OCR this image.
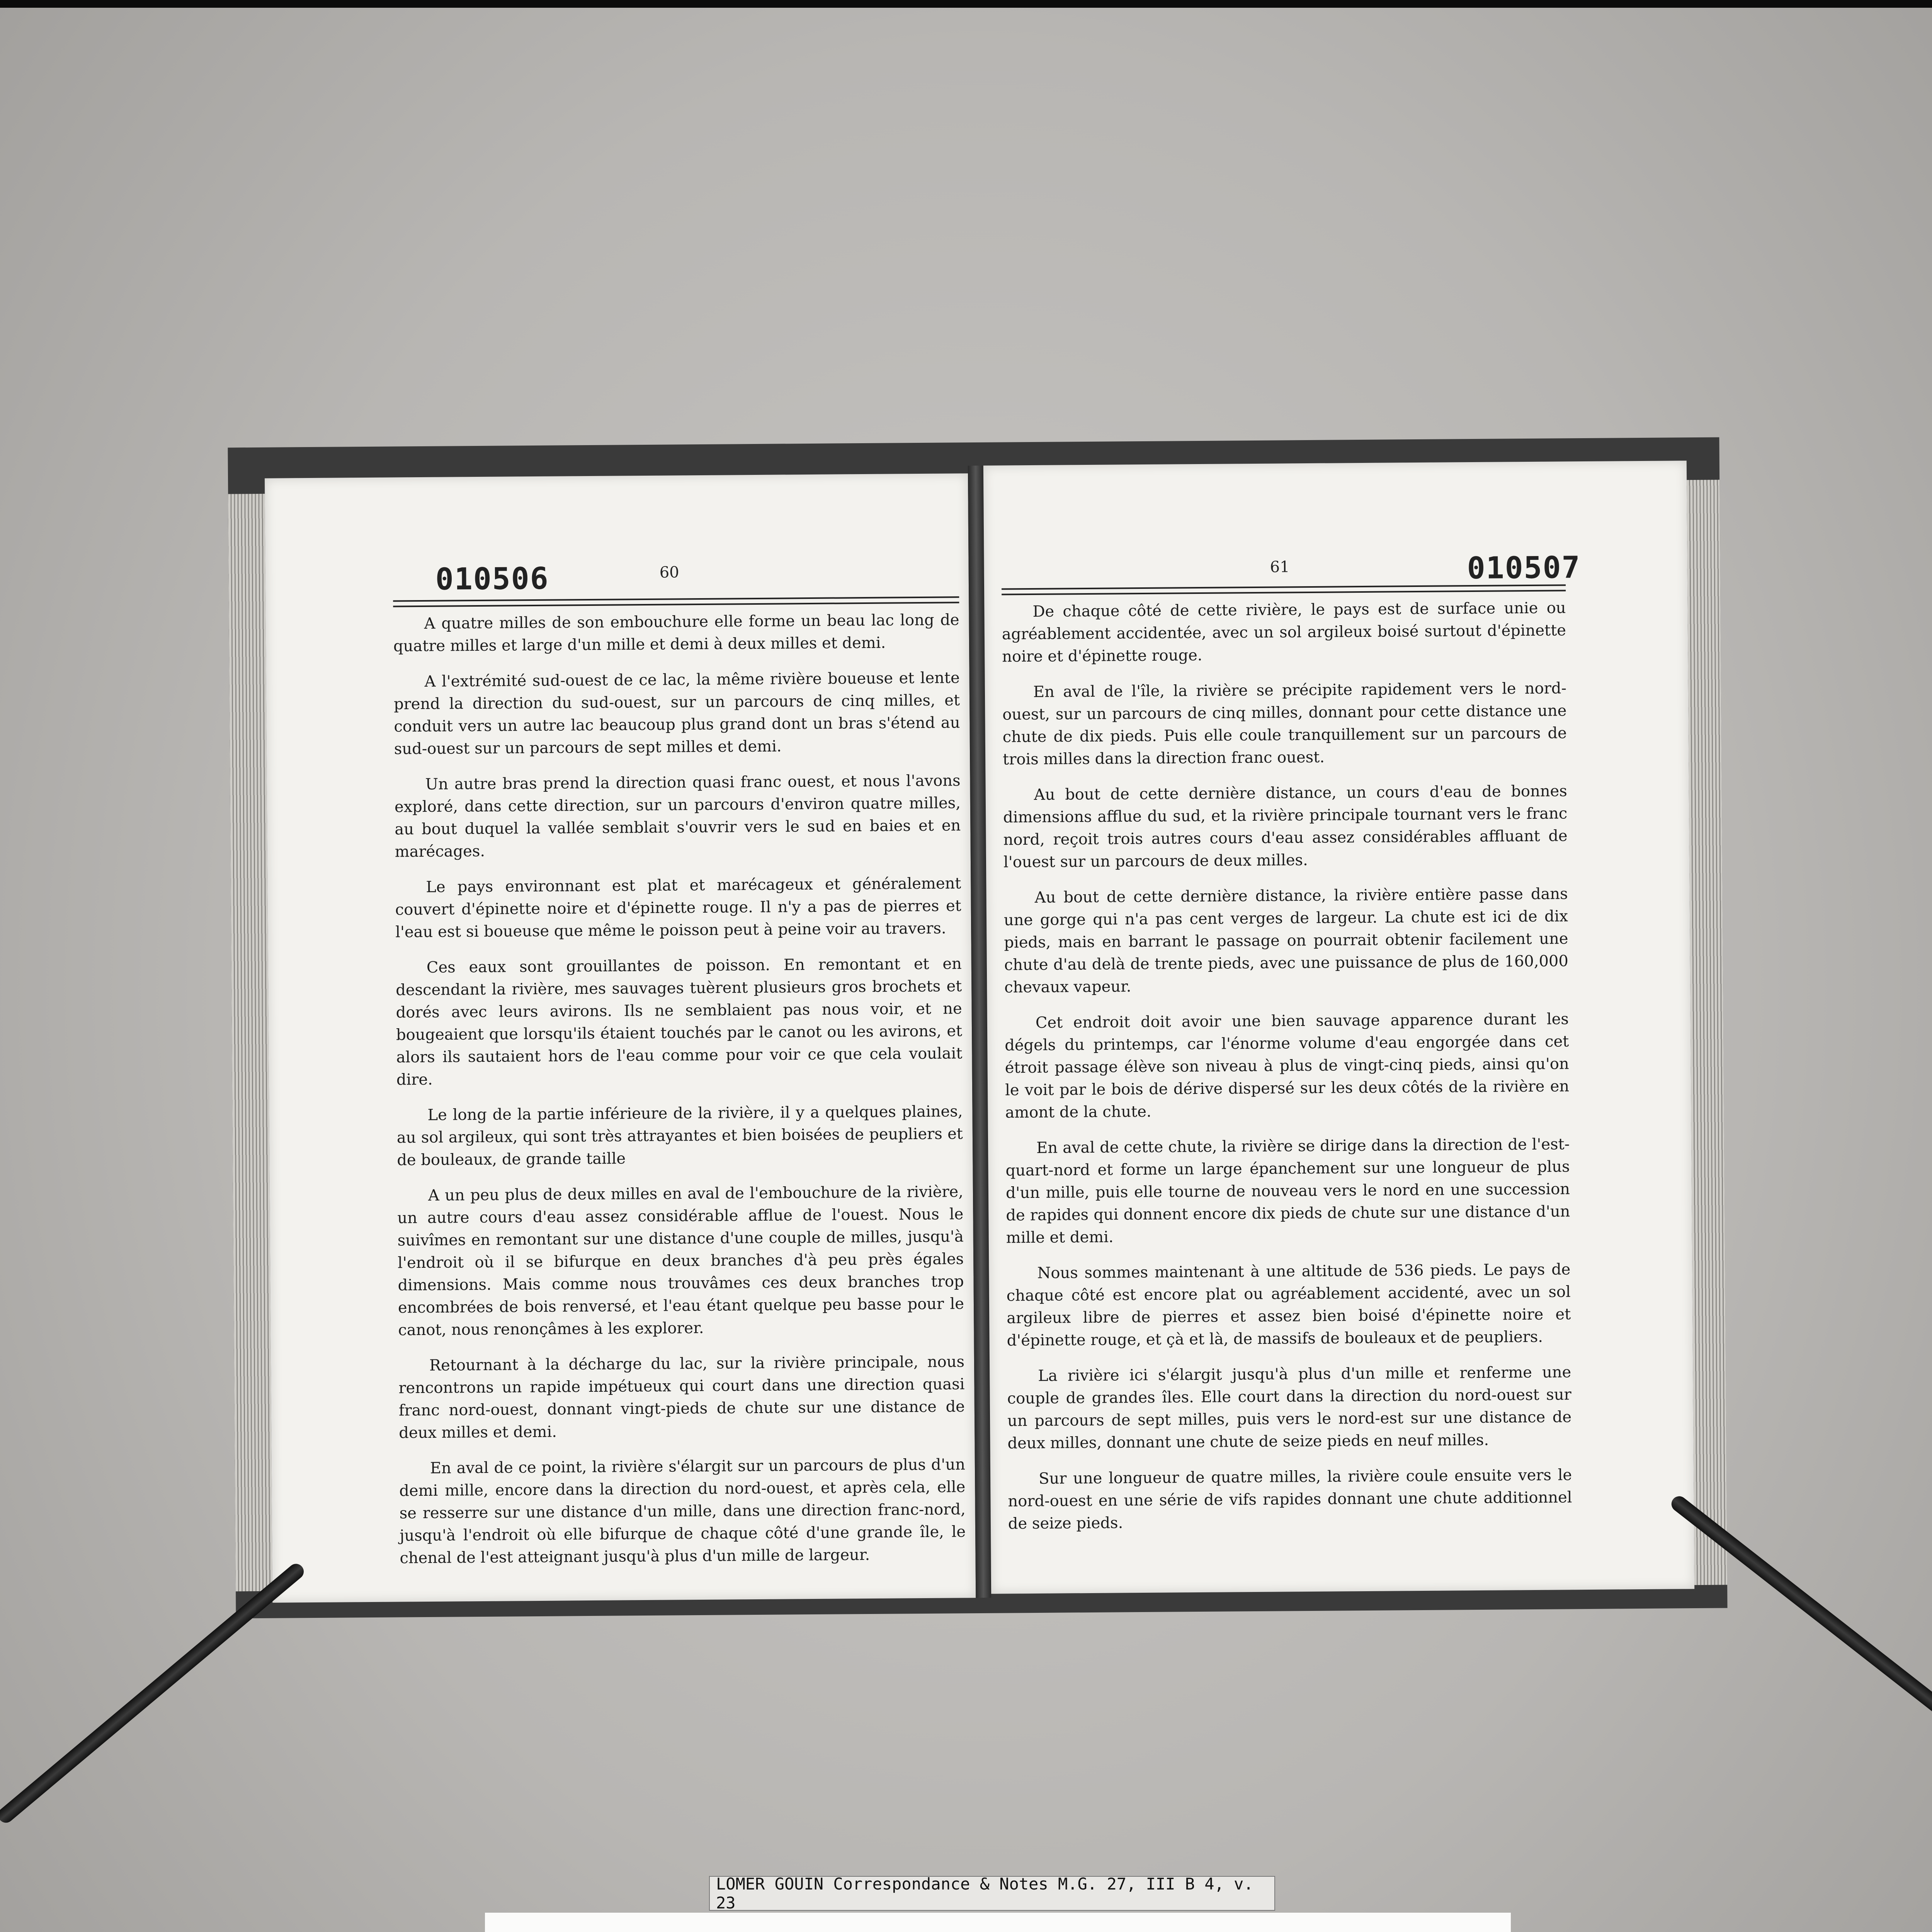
010506	60

A quatre milles de son embouchure elle forme un beau lac long de quatre milles et large d'un mille et demi à deux milles et demi.

A l'extrémité sud-ouest de ce lac, la même rivière boueuse et lente prend la direction du sud-ouest, sur un parcours de cinq milles, et conduit vers un autre lac beaucoup plus grand dont un bras s'étend au sud-ouest sur un parcours de sept milles et demi.

Un autre bras prend la direction quasi franc ouest, et nous l'avons exploré, dans cette direction, sur un parcours d'environ quatre milles, au bout duquel la vallée semblait s'ouvrir vers le sud en baies et en marécages.

Le pays environnant est plat et marécageux et généralement couvert d'épinette noire et d'épinette rouge. Il n'y a pas de pierres et l'eau est si boueuse que même le poisson peut à peine voir au travers.

Ces eaux sont grouillantes de poisson. En remontant et en descendant la rivière, mes sauvages tuèrent plusieurs gros brochets et dorés avec leurs avirons. Ils ne semblaient pas nous voir, et ne bougeaient que lorsqu'ils étaient touchés par le canot ou les avirons, et alors ils sautaient hors de l'eau comme pour voir ce que cela voulait dire.

Le long de la partie inférieure de la rivière, il y a quelques plaines, au sol argileux, qui sont très attrayantes et bien boisées de peupliers et de bouleaux, de grande taille

A un peu plus de deux milles en aval de l'embouchure de la rivière, un autre cours d'eau assez considérable afflue de l'ouest. Nous le suivîmes en remontant sur une distance d'une couple de milles, jusqu'à l'endroit où il se bifurque en deux branches d'à peu près égales dimensions. Mais comme nous trouvâmes ces deux branches trop encombrées de bois renversé, et l'eau étant quelque peu basse pour le canot, nous renonçâmes à les explorer.

Retournant à la décharge du lac, sur la rivière principale, nous rencontrons un rapide impétueux qui court dans une direction quasi franc nord-ouest, donnant vingt-pieds de chute sur une distance de deux milles et demi.

En aval de ce point, la rivière s'élargit sur un parcours de plus d'un demi mille, encore dans la direction du nord-ouest, et après cela, elle se resserre sur une distance d'un mille, dans une direction franc-nord, jusqu'à l'endroit où elle bifurque de chaque côté d'une grande île, le chenal de l'est atteignant jusqu'à plus d'un mille de largeur.

61	010507

De chaque côté de cette rivière, le pays est de surface unie ou agréablement accidentée, avec un sol argileux boisé surtout d'épinette noire et d'épinette rouge.

En aval de l'île, la rivière se précipite rapidement vers le nord-ouest, sur un parcours de cinq milles, donnant pour cette distance une chute de dix pieds. Puis elle coule tranquillement sur un parcours de trois milles dans la direction franc ouest.

Au bout de cette dernière distance, un cours d'eau de bonnes dimensions afflue du sud, et la rivière principale tournant vers le franc nord, reçoit trois autres cours d'eau assez considérables affluant de l'ouest sur un parcours de deux milles.

Au bout de cette dernière distance, la rivière entière passe dans une gorge qui n'a pas cent verges de largeur. La chute est ici de dix pieds, mais en barrant le passage on pourrait obtenir facilement une chute d'au delà de trente pieds, avec une puissance de plus de 160,000 chevaux vapeur.

Cet endroit doit avoir une bien sauvage apparence durant les dégels du printemps, car l'énorme volume d'eau engorgée dans cet étroit passage élève son niveau à plus de vingt-cinq pieds, ainsi qu'on le voit par le bois de dérive dispersé sur les deux côtés de la rivière en amont de la chute.

En aval de cette chute, la rivière se dirige dans la direction de l'est-quart-nord et forme un large épanchement sur une longueur de plus d'un mille, puis elle tourne de nouveau vers le nord en une succession de rapides qui donnent encore dix pieds de chute sur une distance d'un mille et demi.

Nous sommes maintenant à une altitude de 536 pieds. Le pays de chaque côté est encore plat ou agréablement accidenté, avec un sol argileux libre de pierres et assez bien boisé d'épinette noire et d'épinette rouge, et çà et là, de massifs de bouleaux et de peupliers.

La rivière ici s'élargit jusqu'à plus d'un mille et renferme une couple de grandes îles. Elle court dans la direction du nord-ouest sur un parcours de sept milles, puis vers le nord-est sur une distance de deux milles, donnant une chute de seize pieds en neuf milles.

Sur une longueur de quatre milles, la rivière coule ensuite vers le nord-ouest en une série de vifs rapides donnant une chute additionnel de seize pieds.

LOMER GOUIN Correspondance & Notes M.G. 27, III B 4, v. 23
